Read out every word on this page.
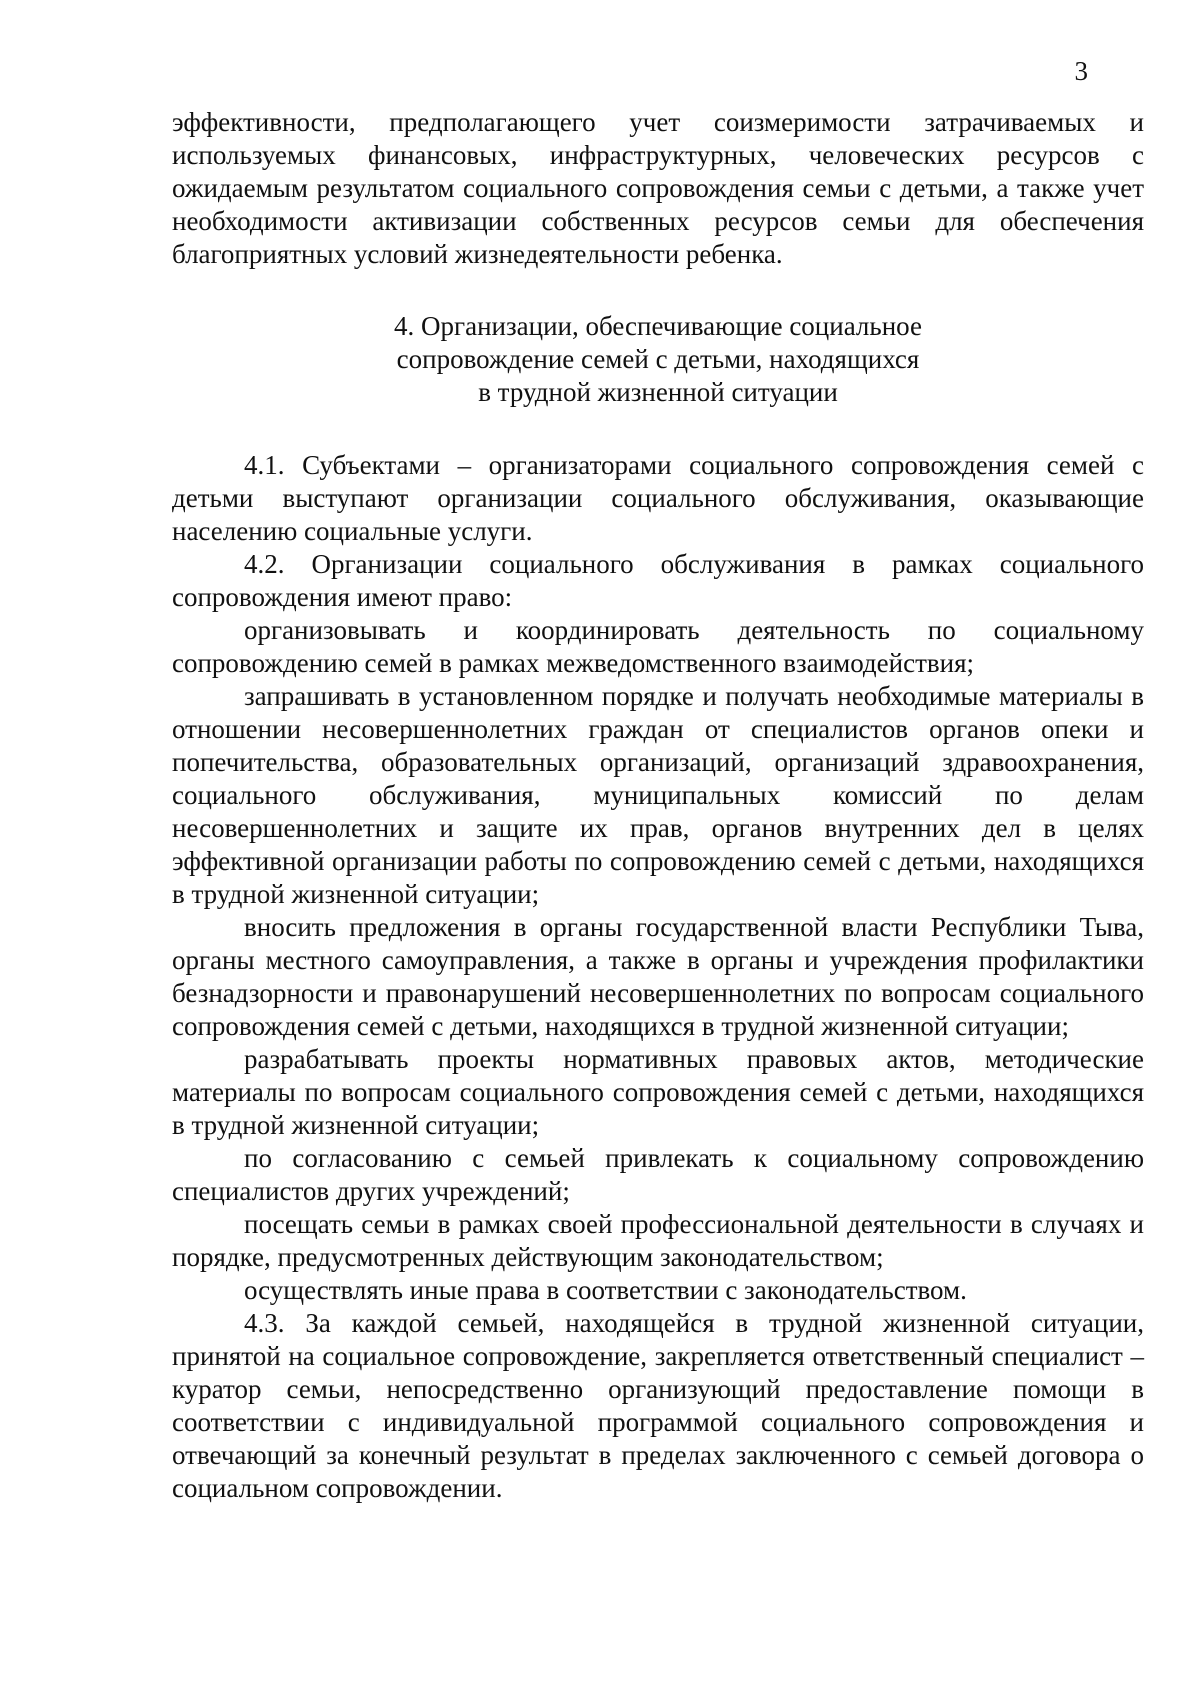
3

эффективности, предполагающего учет соизмеримости затрачиваемых и используемых финансовых, инфраструктурных, человеческих ресурсов с ожидаемым результатом социального сопровождения семьи с детьми, а также учет необходимости активизации собственных ресурсов семьи для обеспечения благоприятных условий жизнедеятельности ребенка.

4. Организации, обеспечивающие социальное
сопровождение семей с детьми, находящихся
в трудной жизненной ситуации

4.1. Субъектами – организаторами социального сопровождения семей с детьми выступают организации социального обслуживания, оказывающие населению социальные услуги.

4.2. Организации социального обслуживания в рамках социального сопровождения имеют право:

организовывать и координировать деятельность по социальному сопровождению семей в рамках межведомственного взаимодействия;

запрашивать в установленном порядке и получать необходимые материалы в отношении несовершеннолетних граждан от специалистов органов опеки и попечительства, образовательных организаций, организаций здравоохранения, социального обслуживания, муниципальных комиссий по делам несовершеннолетних и защите их прав, органов внутренних дел в целях эффективной организации работы по сопровождению семей с детьми, находящихся в трудной жизненной ситуации;

вносить предложения в органы государственной власти Республики Тыва, органы местного самоуправления, а также в органы и учреждения профилактики безнадзорности и правонарушений несовершеннолетних по вопросам социального сопровождения семей с детьми, находящихся в трудной жизненной ситуации;

разрабатывать проекты нормативных правовых актов, методические материалы по вопросам социального сопровождения семей с детьми, находящихся в трудной жизненной ситуации;

по согласованию с семьей привлекать к социальному сопровождению специалистов других учреждений;

посещать семьи в рамках своей профессиональной деятельности в случаях и порядке, предусмотренных действующим законодательством;

осуществлять иные права в соответствии с законодательством.

4.3. За каждой семьей, находящейся в трудной жизненной ситуации, принятой на социальное сопровождение, закрепляется ответственный специалист – куратор семьи, непосредственно организующий предоставление помощи в соответствии с индивидуальной программой социального сопровождения и отвечающий за конечный результат в пределах заключенного с семьей договора о социальном сопровождении.
